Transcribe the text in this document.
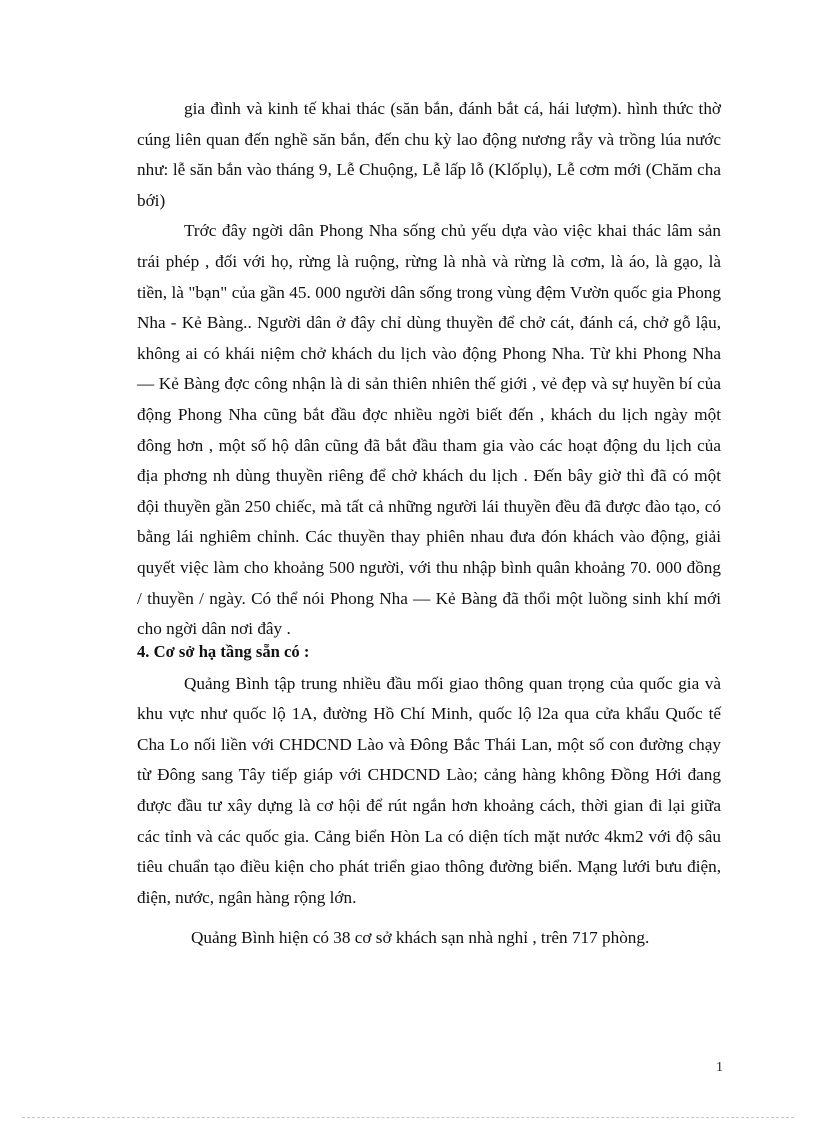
gia đình và kinh tế khai thác (săn bắn, đánh bắt cá, hái lượm). hình thức thờ cúng liên quan đến nghề săn bắn, đến chu kỳ lao động nương rẫy và trồng lúa nước như: lễ săn bắn vào tháng 9, Lễ Chuộng, Lễ lấp lỗ (Klốplụ), Lễ cơm mới (Chăm cha bới)

Trớc đây ngời dân Phong Nha sống chủ yếu dựa vào việc khai thác lâm sản trái phép , đối với họ, rừng là ruộng, rừng là nhà và rừng là cơm, là áo, là gạo, là tiền, là "bạn" của gần 45. 000 người dân sống trong vùng đệm Vườn quốc gia Phong Nha - Kẻ Bàng.. Người dân ở đây chỉ dùng thuyền để chở cát, đánh cá, chở gỗ lậu, không ai có khái niệm chở khách du lịch vào động Phong Nha. Từ khi Phong Nha — Kẻ Bàng đợc công nhận là di sản thiên nhiên thế giới , vẻ đẹp và sự huyền bí của động Phong Nha cũng bắt đầu đợc nhiều ngời biết đến , khách du lịch ngày một đông hơn , một số hộ dân cũng đã bắt đầu tham gia vào các hoạt động du lịch của địa phơng nh dùng thuyền riêng để chở khách du lịch . Đến bây giờ thì đã có một đội thuyền gần 250 chiếc, mà tất cả những người lái thuyền đều đã được đào tạo, có bằng lái nghiêm chỉnh. Các thuyền thay phiên nhau đưa đón khách vào động, giải quyết việc làm cho khoảng 500 người, với thu nhập bình quân khoảng 70. 000 đồng / thuyền / ngày. Có thể nói Phong Nha — Kẻ Bàng đã thổi một luồng sinh khí mới cho ngời dân nơi đây .

4. Cơ sở hạ tầng sẵn có :

Quảng Bình tập trung nhiều đầu mối giao thông quan trọng của quốc gia và khu vực như quốc lộ 1A, đường Hồ Chí Minh, quốc lộ l2a qua cửa khẩu Quốc tế Cha Lo nối liền với CHDCND Lào và Đông Bắc Thái Lan, một số con đường chạy từ Đông sang Tây tiếp giáp với CHDCND Lào; cảng hàng không Đồng Hới đang được đầu tư xây dựng là cơ hội để rút ngắn hơn khoảng cách, thời gian đi lại giữa các tỉnh và các quốc gia. Cảng biển Hòn La có diện tích mặt nước 4km2 với độ sâu tiêu chuẩn tạo điều kiện cho phát triển giao thông đường biển. Mạng lưới bưu điện, điện, nước, ngân hàng rộng lớn.

Quảng Bình hiện có 38 cơ sở khách sạn nhà nghỉ , trên 717 phòng.

1
